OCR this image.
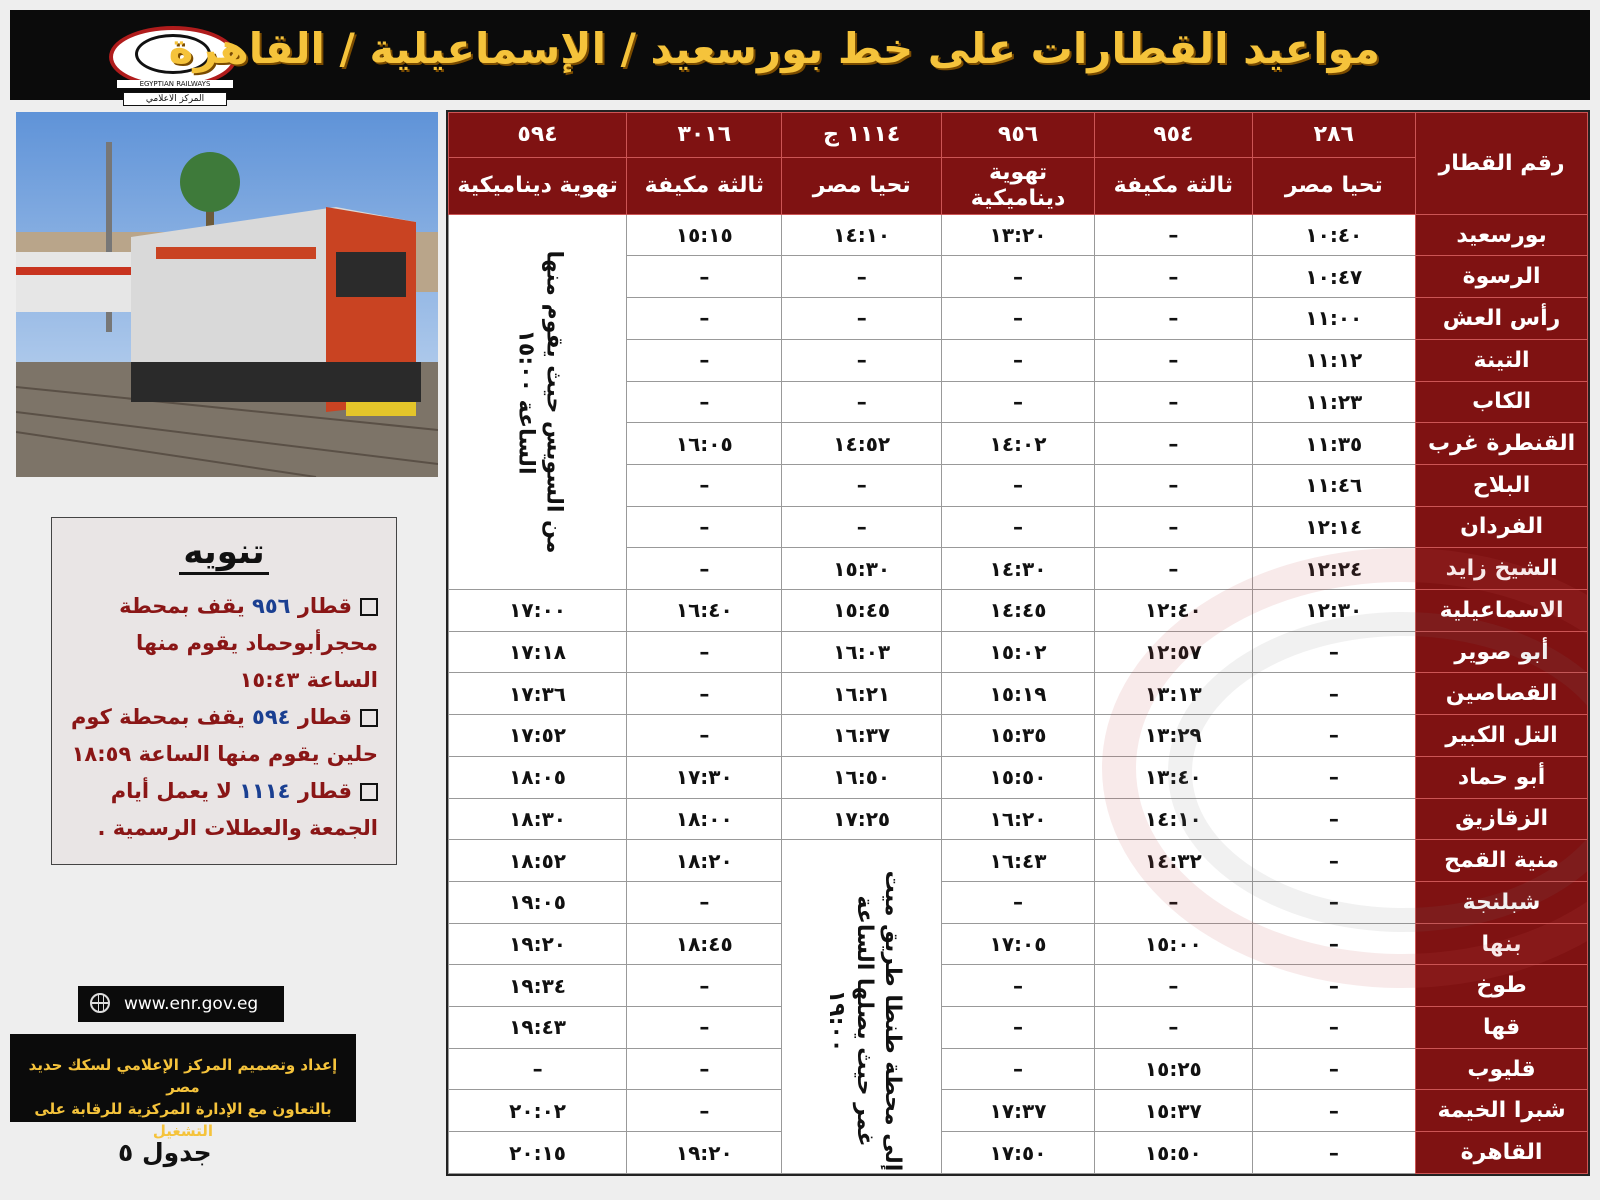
EGYPTIAN RAILWAYS
المركز الاعلامي
مواعيد القطارات على خط بورسعيد / الإسماعيلية / القاهرة
تنويه
قطار ٩٥٦ يقف بمحطة محجرأبوحماد يقوم منها الساعة ١٥:٤٣
قطار ٥٩٤ يقف بمحطة كوم حلين يقوم منها الساعة ١٨:٥٩
قطار ١١١٤ لا يعمل أيام الجمعة والعطلات الرسمية .
www.enr.gov.eg
إعداد وتصميم المركز الإعلامي لسكك حديد مصر
بالتعاون مع الإدارة المركزية للرقابة على التشغيل
جدول ٥
رقم القطار	٢٨٦	٩٥٤	٩٥٦	١١١٤ ج	٣٠١٦	٥٩٤
	تحيا مصر	ثالثة مكيفة	تهوية ديناميكية	تحيا مصر	ثالثة مكيفة	تهوية ديناميكية
بورسعيد	١٠:٤٠	–	١٣:٢٠	١٤:١٠	١٥:١٥	
الرسوة	١٠:٤٧	–	–	–	–	
رأس العش	١١:٠٠	–	–	–	–	
التينة	١١:١٢	–	–	–	–	
الكاب	١١:٢٣	–	–	–	–	
القنطرة غرب	١١:٣٥	–	١٤:٠٢	١٤:٥٢	١٦:٠٥	
البلاح	١١:٤٦	–	–	–	–	
الفردان	١٢:١٤	–	–	–	–	
الشيخ زايد	١٢:٢٤	–	١٤:٣٠	١٥:٣٠	–	
الاسماعيلية	١٢:٣٠	١٢:٤٠	١٤:٤٥	١٥:٤٥	١٦:٤٠	١٧:٠٠
أبو صوير	–	١٢:٥٧	١٥:٠٢	١٦:٠٣	–	١٧:١٨
القصاصين	–	١٣:١٣	١٥:١٩	١٦:٢١	–	١٧:٣٦
التل الكبير	–	١٣:٢٩	١٥:٣٥	١٦:٣٧	–	١٧:٥٢
أبو حماد	–	١٣:٤٠	١٥:٥٠	١٦:٥٠	١٧:٣٠	١٨:٠٥
الزقازيق	–	١٤:١٠	١٦:٢٠	١٧:٢٥	١٨:٠٠	١٨:٣٠
منية القمح	–	١٤:٣٢	١٦:٤٣		١٨:٢٠	١٨:٥٢
شبلنجة	–	–	–		–	١٩:٠٥
بنها	–	١٥:٠٠	١٧:٠٥		١٨:٤٥	١٩:٢٠
طوخ	–	–	–		–	١٩:٣٤
قها	–	–	–		–	١٩:٤٣
قليوب	–	١٥:٢٥	–		–	–
شبرا الخيمة	–	١٥:٣٧	١٧:٣٧		–	٢٠:٠٢
القاهرة	–	١٥:٥٠	١٧:٥٠		١٩:٢٠	٢٠:١٥
من السويس حيث يقوم منها الساعة ١٥:٠٠
إلى محطة طنطا طريق ميت غمر حيث يصلها الساعة ١٩:٠٠
